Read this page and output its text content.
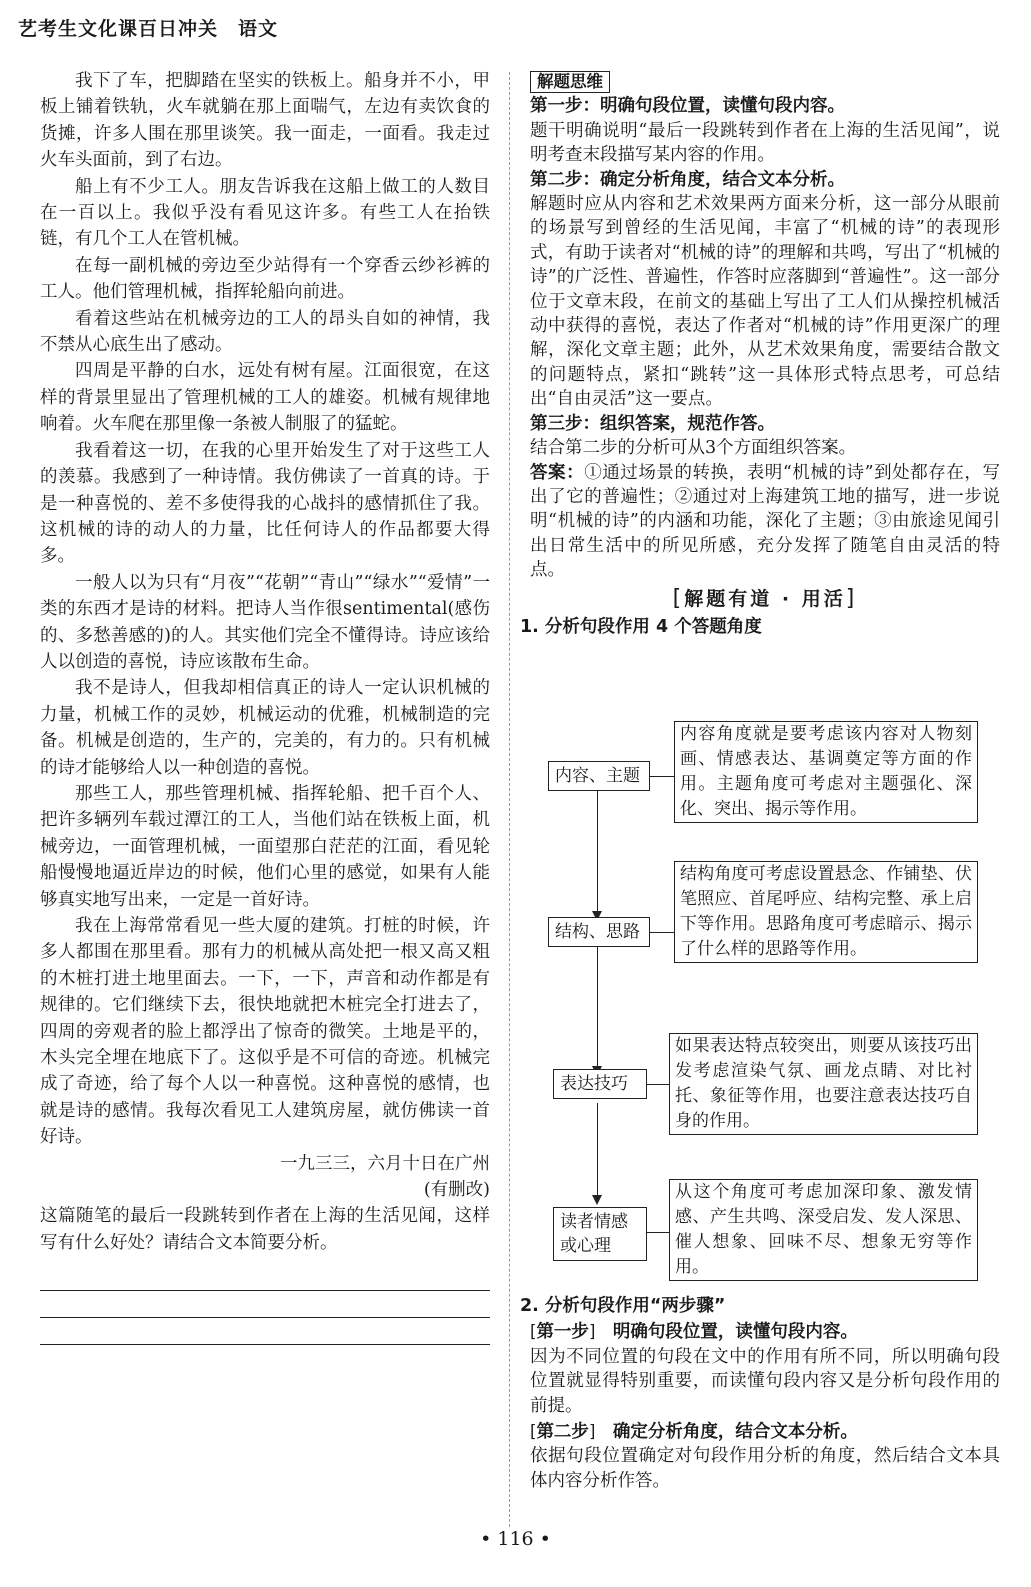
艺考生文化课百日冲关　语文

我下了车，把脚踏在坚实的铁板上。船身并不小，甲板上铺着铁轨，火车就躺在那上面喘气，左边有卖饮食的货摊，许多人围在那里谈笑。我一面走，一面看。我走过火车头面前，到了右边。

船上有不少工人。朋友告诉我在这船上做工的人数目在一百以上。我似乎没有看见这许多。有些工人在抬铁链，有几个工人在管机械。

在每一副机械的旁边至少站得有一个穿香云纱衫裤的工人。他们管理机械，指挥轮船向前进。

看着这些站在机械旁边的工人的昂头自如的神情，我不禁从心底生出了感动。

四周是平静的白水，远处有树有屋。江面很宽，在这样的背景里显出了管理机械的工人的雄姿。机械有规律地响着。火车爬在那里像一条被人制服了的猛蛇。

我看着这一切，在我的心里开始发生了对于这些工人的羡慕。我感到了一种诗情。我仿佛读了一首真的诗。于是一种喜悦的、差不多使得我的心战抖的感情抓住了我。这机械的诗的动人的力量，比任何诗人的作品都要大得多。

一般人以为只有“月夜”“花朝”“青山”“绿水”“爱情”一类的东西才是诗的材料。把诗人当作很sentimental(感伤的、多愁善感的)的人。其实他们完全不懂得诗。诗应该给人以创造的喜悦，诗应该散布生命。

我不是诗人，但我却相信真正的诗人一定认识机械的力量，机械工作的灵妙，机械运动的优雅，机械制造的完备。机械是创造的，生产的，完美的，有力的。只有机械的诗才能够给人以一种创造的喜悦。

那些工人，那些管理机械、指挥轮船、把千百个人、把许多辆列车载过潭江的工人，当他们站在铁板上面，机械旁边，一面管理机械，一面望那白茫茫的江面，看见轮船慢慢地逼近岸边的时候，他们心里的感觉，如果有人能够真实地写出来，一定是一首好诗。

我在上海常常看见一些大厦的建筑。打桩的时候，许多人都围在那里看。那有力的机械从高处把一根又高又粗的木桩打进土地里面去。一下，一下，声音和动作都是有规律的。它们继续下去，很快地就把木桩完全打进去了，四周的旁观者的脸上都浮出了惊奇的微笑。土地是平的，木头完全埋在地底下了。这似乎是不可信的奇迹。机械完成了奇迹，给了每个人以一种喜悦。这种喜悦的感情，也就是诗的感情。我每次看见工人建筑房屋，就仿佛读一首好诗。

一九三三，六月十日在广州

(有删改)

这篇随笔的最后一段跳转到作者在上海的生活见闻，这样写有什么好处？请结合文本简要分析。

解题思维

第一步：明确句段位置，读懂句段内容。

题干明确说明“最后一段跳转到作者在上海的生活见闻”，说明考查末段描写某内容的作用。

第二步：确定分析角度，结合文本分析。

解题时应从内容和艺术效果两方面来分析，这一部分从眼前的场景写到曾经的生活见闻，丰富了“机械的诗”的表现形式，有助于读者对“机械的诗”的理解和共鸣，写出了“机械的诗”的广泛性、普遍性，作答时应落脚到“普遍性”。这一部分位于文章末段，在前文的基础上写出了工人们从操控机械活动中获得的喜悦，表达了作者对“机械的诗”作用更深广的理解，深化文章主题；此外，从艺术效果角度，需要结合散文的问题特点，紧扣“跳转”这一具体形式特点思考，可总结出“自由灵活”这一要点。

第三步：组织答案，规范作答。

结合第二步的分析可从3个方面组织答案。

答案：①通过场景的转换，表明“机械的诗”到处都存在，写出了它的普遍性；②通过对上海建筑工地的描写，进一步说明“机械的诗”的内涵和功能，深化了主题；③由旅途见闻引出日常生活中的所见所感，充分发挥了随笔自由灵活的特点。

[解题有道 · 用活]

1. 分析句段作用 4 个答题角度

内容、主题
内容角度就是要考虑该内容对人物刻画、情感表达、基调奠定等方面的作用。主题角度可考虑对主题强化、深化、突出、揭示等作用。
结构、思路
结构角度可考虑设置悬念、作铺垫、伏笔照应、首尾呼应、结构完整、承上启下等作用。思路角度可考虑暗示、揭示了什么样的思路等作用。
表达技巧
如果表达特点较突出，则要从该技巧出发考虑渲染气氛、画龙点睛、对比衬托、象征等作用，也要注意表达技巧自身的作用。
读者情感或心理
从这个角度可考虑加深印象、激发情感、产生共鸣、深受启发、发人深思、催人想象、回味不尽、想象无穷等作用。

2. 分析句段作用“两步骤”

[第一步]　 明确句段位置，读懂句段内容。

因为不同位置的句段在文中的作用有所不同，所以明确句段位置就显得特别重要，而读懂句段内容又是分析句段作用的前提。

[第二步]　 确定分析角度，结合文本分析。

依据句段位置确定对句段作用分析的角度，然后结合文本具体内容分析作答。

• 116 •
